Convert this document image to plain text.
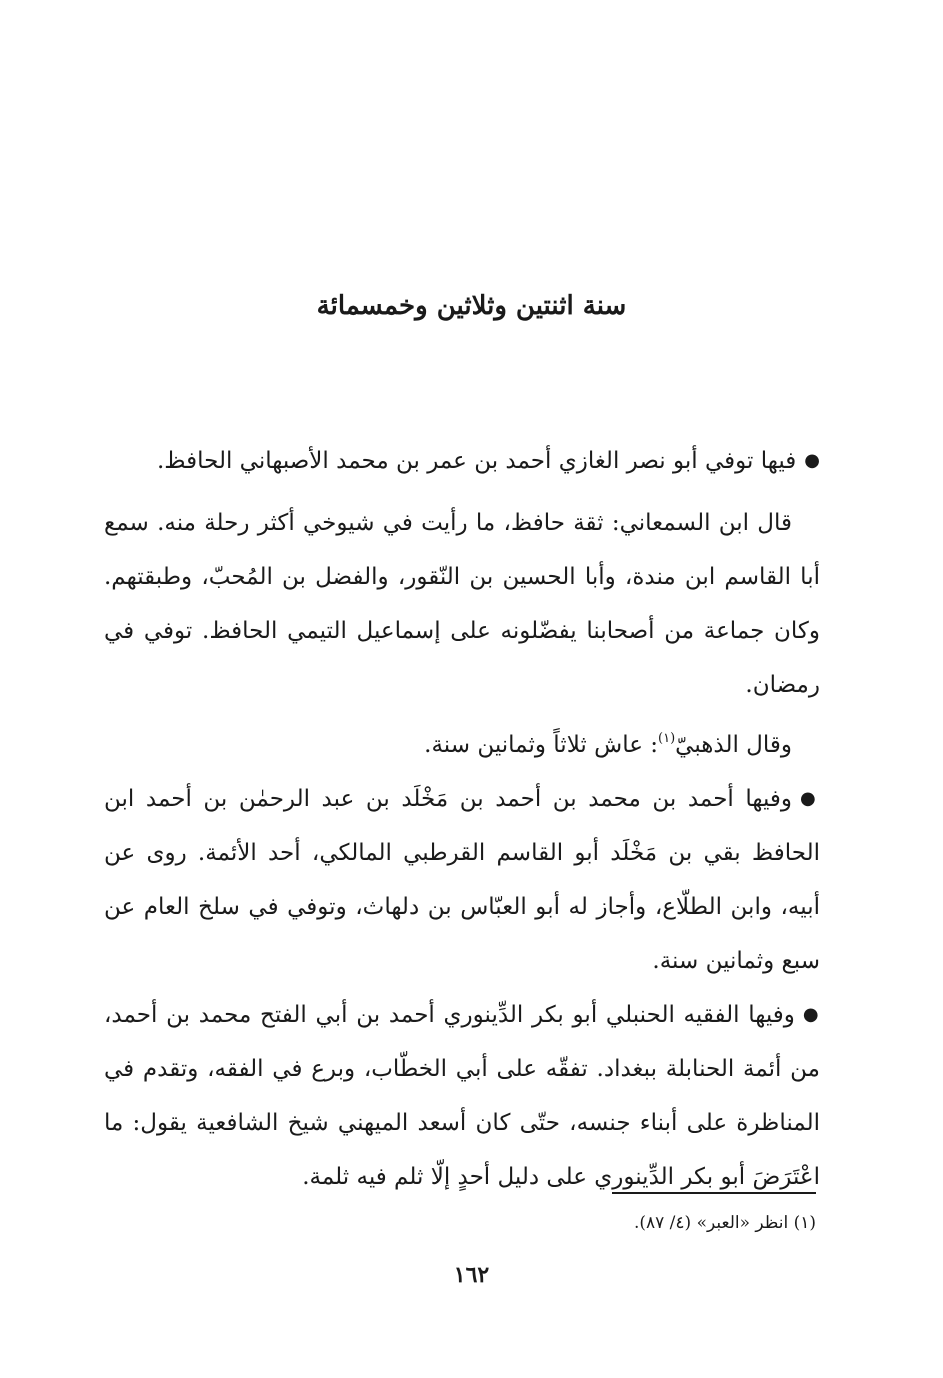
سنة اثنتين وثلاثين وخمسمائة

●فيها توفي أبو نصر الغازي أحمد بن عمر بن محمد الأصبهاني الحافظ.

قال ابن السمعاني: ثقة حافظ، ما رأيت في شيوخي أكثر رحلة منه. سمع أبا القاسم ابن مندة، وأبا الحسين بن النّقور، والفضل بن المُحبّ، وطبقتهم. وكان جماعة من أصحابنا يفضّلونه على إسماعيل التيمي الحافظ. توفي في رمضان.

وقال الذهبيّ$^{(١)}$: عاش ثلاثاً وثمانين سنة.

●وفيها أحمد بن محمد بن أحمد بن مَخْلَد بن عبد الرحمٰن بن أحمد ابن الحافظ بقي بن مَخْلَد أبو القاسم القرطبي المالكي، أحد الأئمة. روى عن أبيه، وابن الطلّاع، وأجاز له أبو العبّاس بن دلهاث، وتوفي في سلخ العام عن سبع وثمانين سنة.

●وفيها الفقيه الحنبلي أبو بكر الدِّينوري أحمد بن أبي الفتح محمد بن أحمد، من أئمة الحنابلة ببغداد. تفقّه على أبي الخطّاب، وبرع في الفقه، وتقدم في المناظرة على أبناء جنسه، حتّى كان أسعد الميهني شيخ الشافعية يقول: ما اعْتَرَضَ أبو بكر الدِّينوري على دليل أحدٍ إلّا ثلم فيه ثلمة.

(١) انظر «العبر» (٤/ ٨٧).
١٦٢
